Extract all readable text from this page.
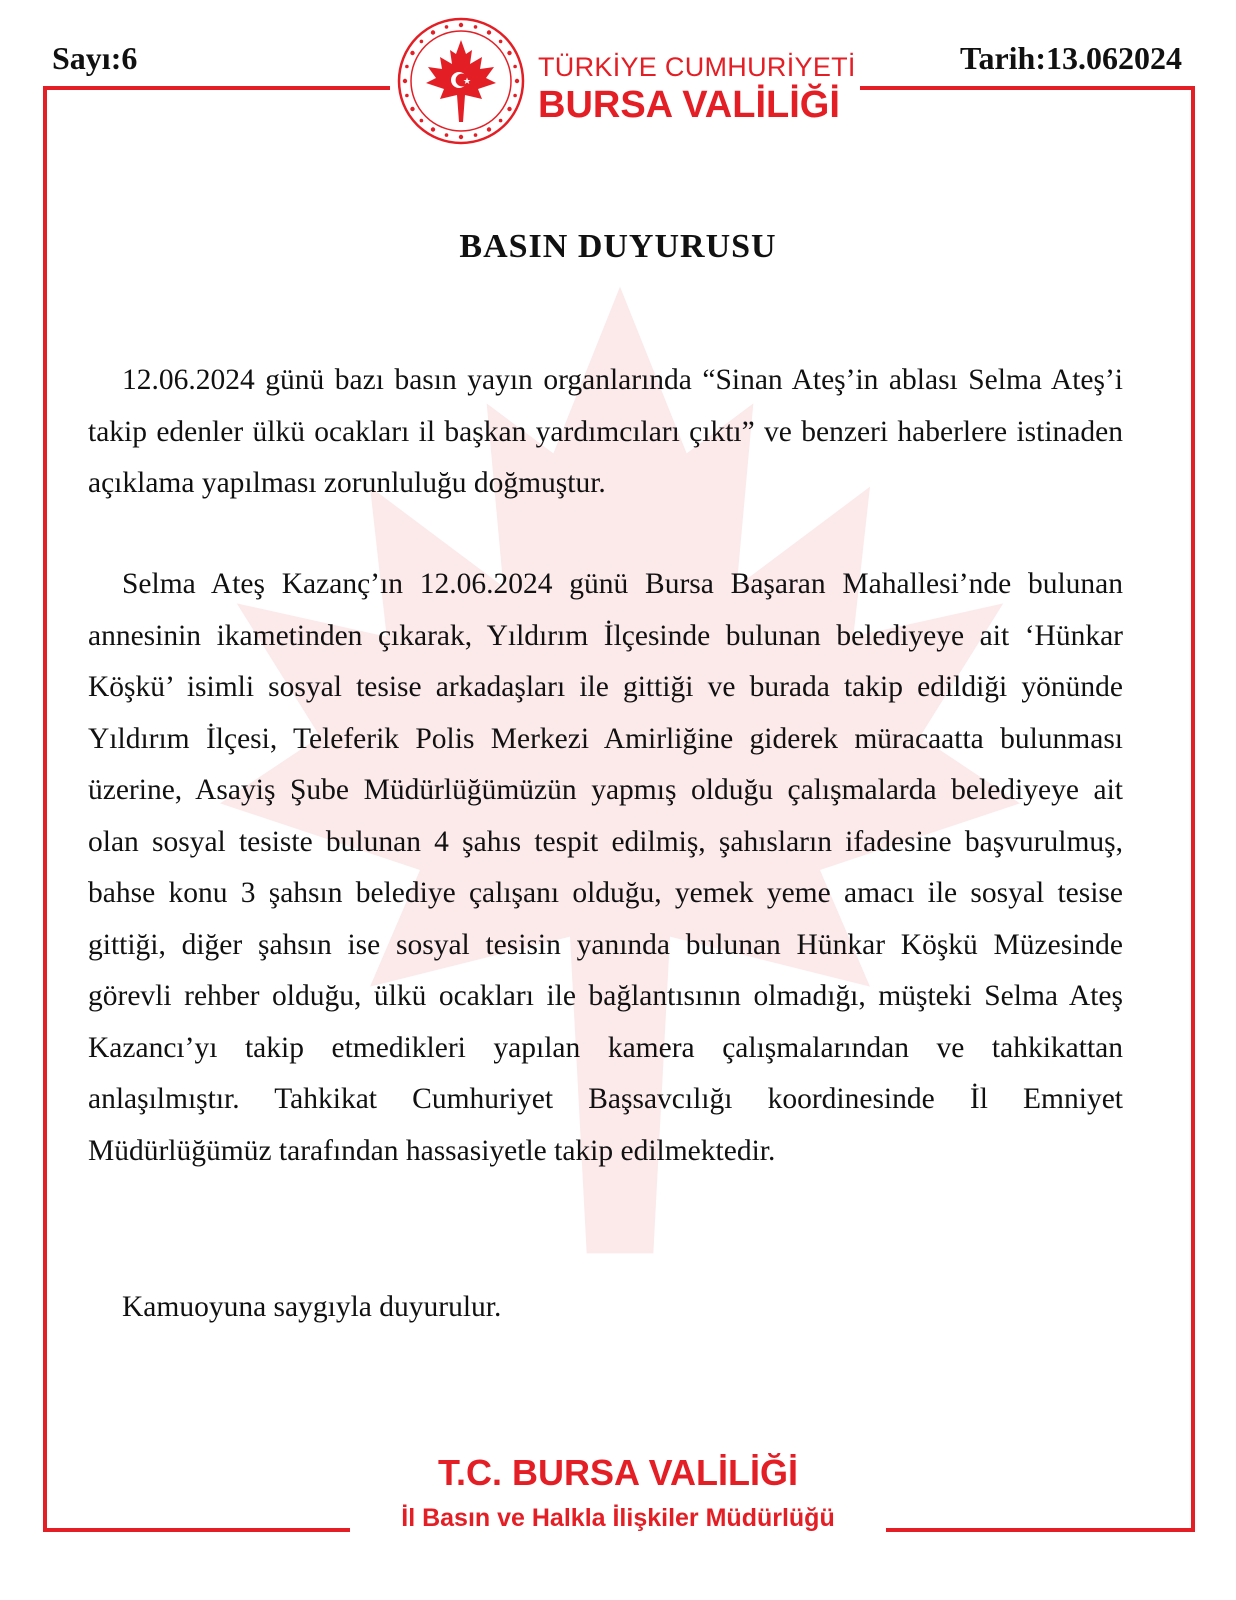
Sayı:6	Tarih:13.062024
TÜRKİYE CUMHURİYETİ
BURSA VALİLİĞİ
BASIN DUYURUSU
12.06.2024 günü bazı basın yayın organlarında “Sinan Ateş’in ablası Selma Ateş’i takip edenler ülkü ocakları il başkan yardımcıları çıktı” ve benzeri haberlere istinaden açıklama yapılması zorunluluğu doğmuştur.
Selma Ateş Kazanç’ın 12.06.2024 günü Bursa Başaran Mahallesi’nde bulunan annesinin ikametinden çıkarak, Yıldırım İlçesinde bulunan belediyeye ait ‘Hünkar Köşkü’ isimli sosyal tesise arkadaşları ile gittiği ve burada takip edildiği yönünde Yıldırım İlçesi, Teleferik Polis Merkezi Amirliğine giderek müracaatta bulunması üzerine, Asayiş Şube Müdürlüğümüzün yapmış olduğu çalışmalarda belediyeye ait olan sosyal tesiste bulunan 4 şahıs tespit edilmiş, şahısların ifadesine başvurulmuş, bahse konu 3 şahsın belediye çalışanı olduğu, yemek yeme amacı ile sosyal tesise gittiği, diğer şahsın ise sosyal tesisin yanında bulunan Hünkar Köşkü Müzesinde görevli rehber olduğu, ülkü ocakları ile bağlantısının olmadığı, müşteki Selma Ateş Kazancı’yı takip etmedikleri yapılan kamera çalışmalarından ve tahkikattan anlaşılmıştır. Tahkikat Cumhuriyet Başsavcılığı koordinesinde İl Emniyet Müdürlüğümüz tarafından hassasiyetle takip edilmektedir.
Kamuoyuna saygıyla duyurulur.
T.C. BURSA VALİLİĞİ
İl Basın ve Halkla İlişkiler Müdürlüğü
